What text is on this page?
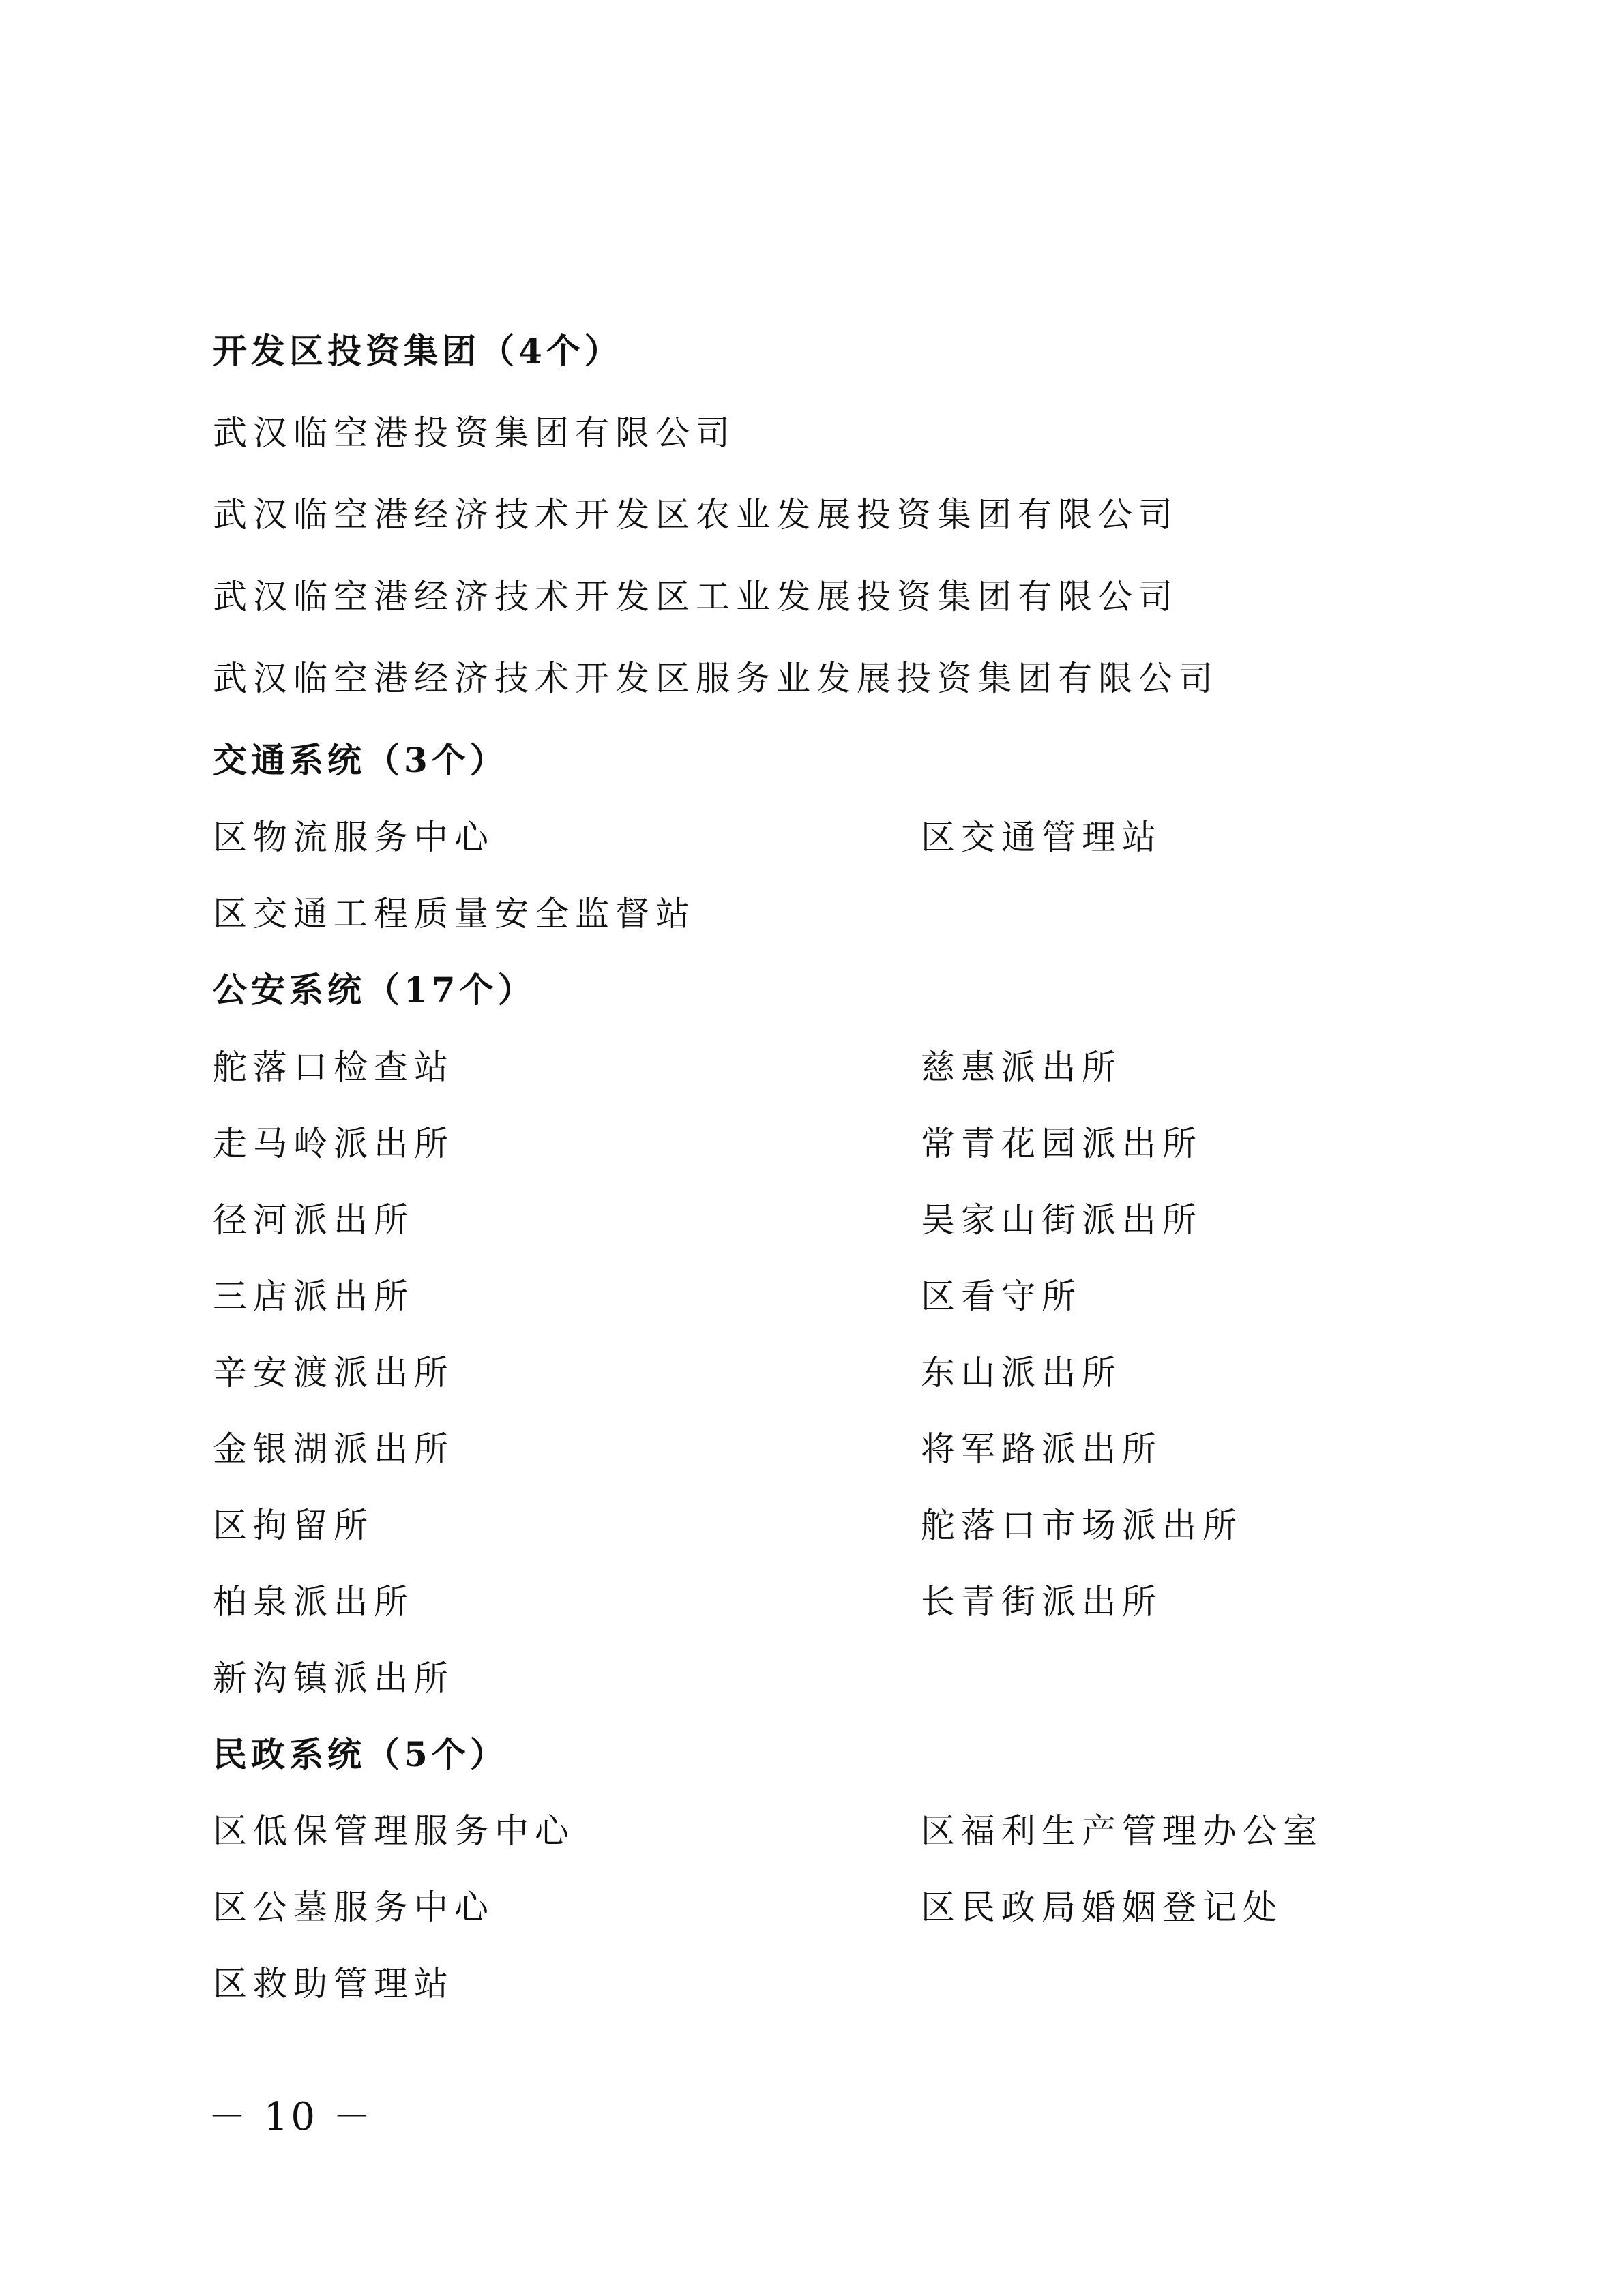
开发区投资集团（4个）
武汉临空港投资集团有限公司
武汉临空港经济技术开发区农业发展投资集团有限公司
武汉临空港经济技术开发区工业发展投资集团有限公司
武汉临空港经济技术开发区服务业发展投资集团有限公司
交通系统（3个）
区物流服务中心	区交通管理站
区交通工程质量安全监督站
公安系统（17个）
舵落口检查站	慈惠派出所
走马岭派出所	常青花园派出所
径河派出所	吴家山街派出所
三店派出所	区看守所
辛安渡派出所	东山派出所
金银湖派出所	将军路派出所
区拘留所	舵落口市场派出所
柏泉派出所	长青街派出所
新沟镇派出所
民政系统（5个）
区低保管理服务中心	区福利生产管理办公室
区公墓服务中心	区民政局婚姻登记处
区救助管理站
－ 10 －
